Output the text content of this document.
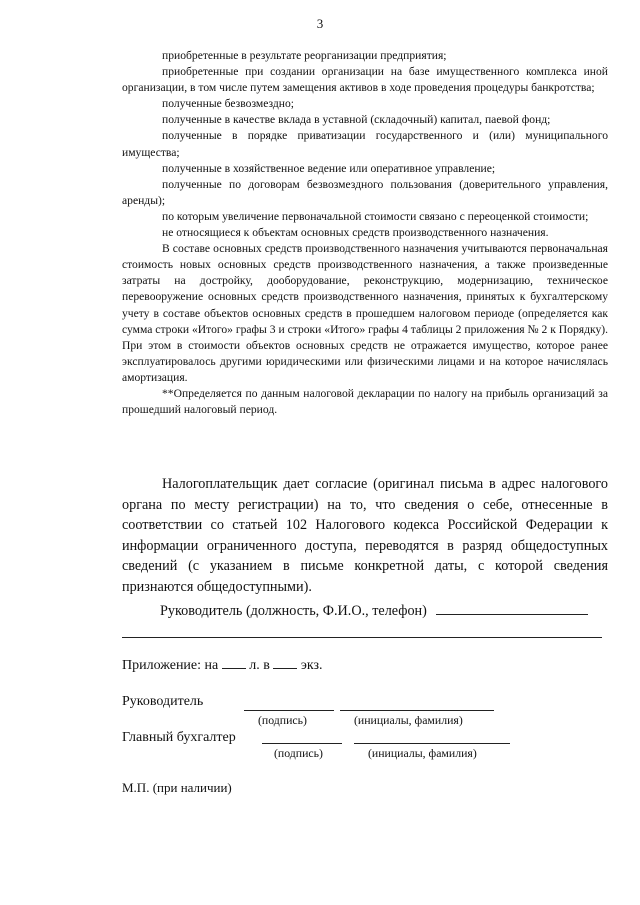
3

приобретенные в результате реорганизации предприятия;

приобретенные при создании организации на базе имущественного комплекса иной организации, в том числе путем замещения активов в ходе проведения процедуры банкротства;

полученные безвозмездно;

полученные в качестве вклада в уставной (складочный) капитал, паевой фонд;

полученные в порядке приватизации государственного и (или) муниципального имущества;

полученные в хозяйственное ведение или оперативное управление;

полученные по договорам безвозмездного пользования (доверительного управления, аренды);

по которым увеличение первоначальной стоимости связано с переоценкой стоимости;

не относящиеся к объектам основных средств производственного назначения.

В составе основных средств производственного назначения учитываются первоначальная стоимость новых основных средств производственного назначения, а также произведенные затраты на достройку, дооборудование, реконструкцию, модернизацию, техническое перевооружение основных средств производственного назначения, принятых к бухгалтерскому учету в составе объектов основных средств в прошедшем налоговом периоде (определяется как сумма строки «Итого» графы 3 и строки «Итого» графы 4 таблицы 2 приложения № 2 к Порядку). При этом в стоимости объектов основных средств не отражается имущество, которое ранее эксплуатировалось другими юридическими или физическими лицами и на которое начислялась амортизация.

**Определяется по данным налоговой декларации по налогу на прибыль организаций за прошедший налоговый период.

Налогоплательщик дает согласие (оригинал письма в адрес налогового органа по месту регистрации) на то, что сведения о себе, отнесенные в соответствии со статьей 102 Налогового кодекса Российской Федерации к информации ограниченного доступа, переводятся в разряд общедоступных сведений (с указанием в письме конкретной даты, с которой сведения признаются общедоступными).
Руководитель (должность, Ф.И.О., телефон)
Приложение: на л. в экз.
Руководитель
(подпись)	(инициалы, фамилия)
Главный бухгалтер
(подпись)	(инициалы, фамилия)
М.П. (при наличии)
